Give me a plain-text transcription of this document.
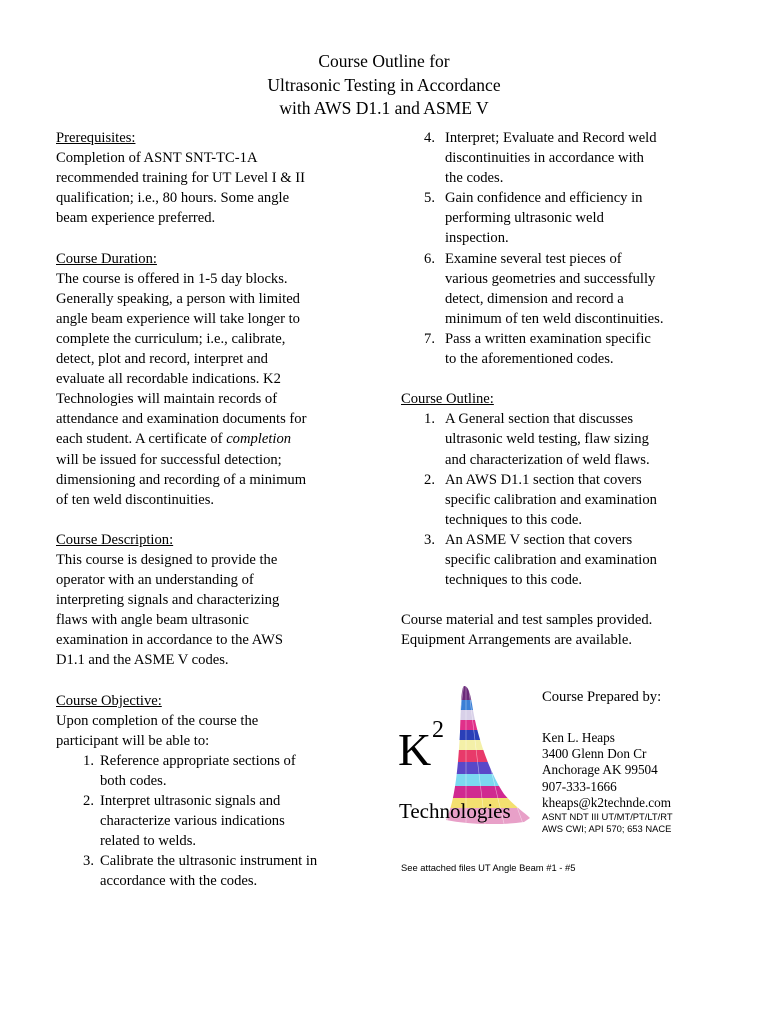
Course Outline for
Ultrasonic Testing in Accordance
with AWS D1.1 and ASME V
Prerequisites:
Completion of ASNT SNT-TC-1A
recommended training for UT Level I & II
qualification; i.e., 80 hours. Some angle
beam experience preferred.
Course Duration:
The course is offered in 1-5 day blocks.
Generally speaking, a person with limited
angle beam experience will take longer to
complete the curriculum; i.e., calibrate,
detect, plot and record, interpret and
evaluate all recordable indications. K2
Technologies will maintain records of
attendance and examination documents for
each student. A certificate of completion
will be issued for successful detection;
dimensioning and recording of a minimum
of ten weld discontinuities.
Course Description:
This course is designed to provide the
operator with an understanding of
interpreting signals and characterizing
flaws with angle beam ultrasonic
examination in accordance to the AWS
D1.1 and the ASME V codes.
Course Objective:
Upon completion of the course the
participant will be able to:
1. Reference appropriate sections of
both codes.
2. Interpret ultrasonic signals and
characterize various indications
related to welds.
3. Calibrate the ultrasonic instrument in
accordance with the codes.
4. Interpret; Evaluate and Record weld
discontinuities in accordance with
the codes.
5. Gain confidence and efficiency in
performing ultrasonic weld
inspection.
6. Examine several test pieces of
various geometries and successfully
detect, dimension and record a
minimum of ten weld discontinuities.
7. Pass a written examination specific
to the aforementioned codes.
Course Outline:
1. A General section that discusses
ultrasonic weld testing, flaw sizing
and characterization of weld flaws.
2. An AWS D1.1 section that covers
specific calibration and examination
techniques to this code.
3. An ASME V section that covers
specific calibration and examination
techniques to this code.
Course material and test samples provided.
Equipment Arrangements are available.
Course Prepared by:
K 2
Technologies
Ken L. Heaps
3400 Glenn Don Cr
Anchorage AK 99504
907-333-1666
kheaps@k2techndе.com
ASNT NDT III UT/MT/PT/LT/RT
AWS CWI; API 570; 653 NACE
See attached files UT Angle Beam #1 - #5
